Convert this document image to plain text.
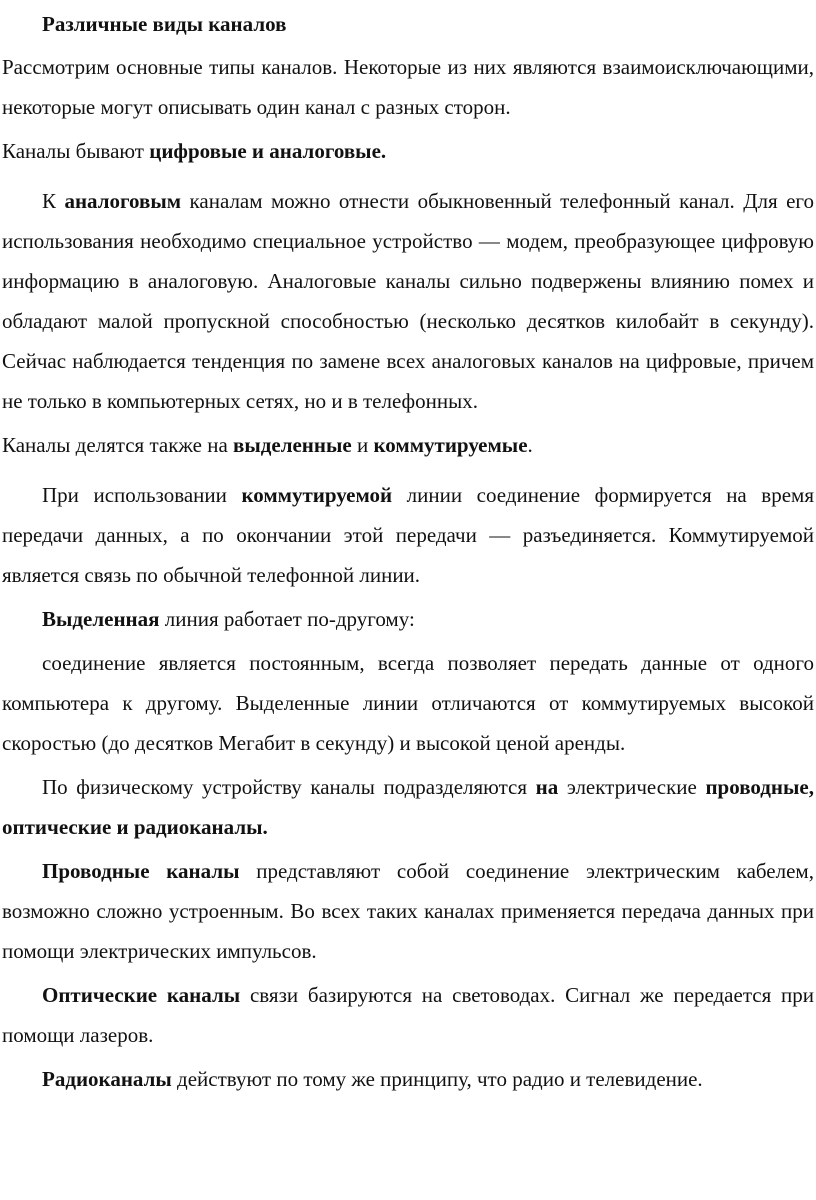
Различные виды каналов
Рассмотрим основные типы каналов. Некоторые из них являются взаимоисключающими, некоторые могут описывать один канал с разных сторон.
Каналы бывают цифровые и аналоговые.
К аналоговым каналам можно отнести обыкновенный телефонный канал. Для его использования необходимо специальное устройство — модем, преобразующее цифровую информацию в аналоговую. Аналоговые каналы сильно подвержены влиянию помех и обладают малой пропускной способностью (несколько десятков килобайт в секунду). Сейчас наблюдается тенденция по замене всех аналоговых каналов на цифровые, причем не только в компьютерных сетях, но и в телефонных.
Каналы делятся также на выделенные и коммутируемые.
При использовании коммутируемой линии соединение формируется на время передачи данных, а по окончании этой передачи — разъединяется. Коммутируемой является связь по обычной телефонной линии.
Выделенная линия работает по-другому:
соединение является постоянным, всегда позволяет передать данные от одного компьютера к другому. Выделенные линии отличаются от коммутируемых высокой скоростью (до десятков Мегабит в секунду) и высокой ценой аренды.
По физическому устройству каналы подразделяются на электрические проводные, оптические и радиоканалы.
Проводные каналы представляют собой соединение электрическим кабелем, возможно сложно устроенным. Во всех таких каналах применяется передача данных при помощи электрических импульсов.
Оптические каналы связи базируются на световодах. Сигнал же передается при помощи лазеров.
Радиоканалы действуют по тому же принципу, что радио и телевидение.
